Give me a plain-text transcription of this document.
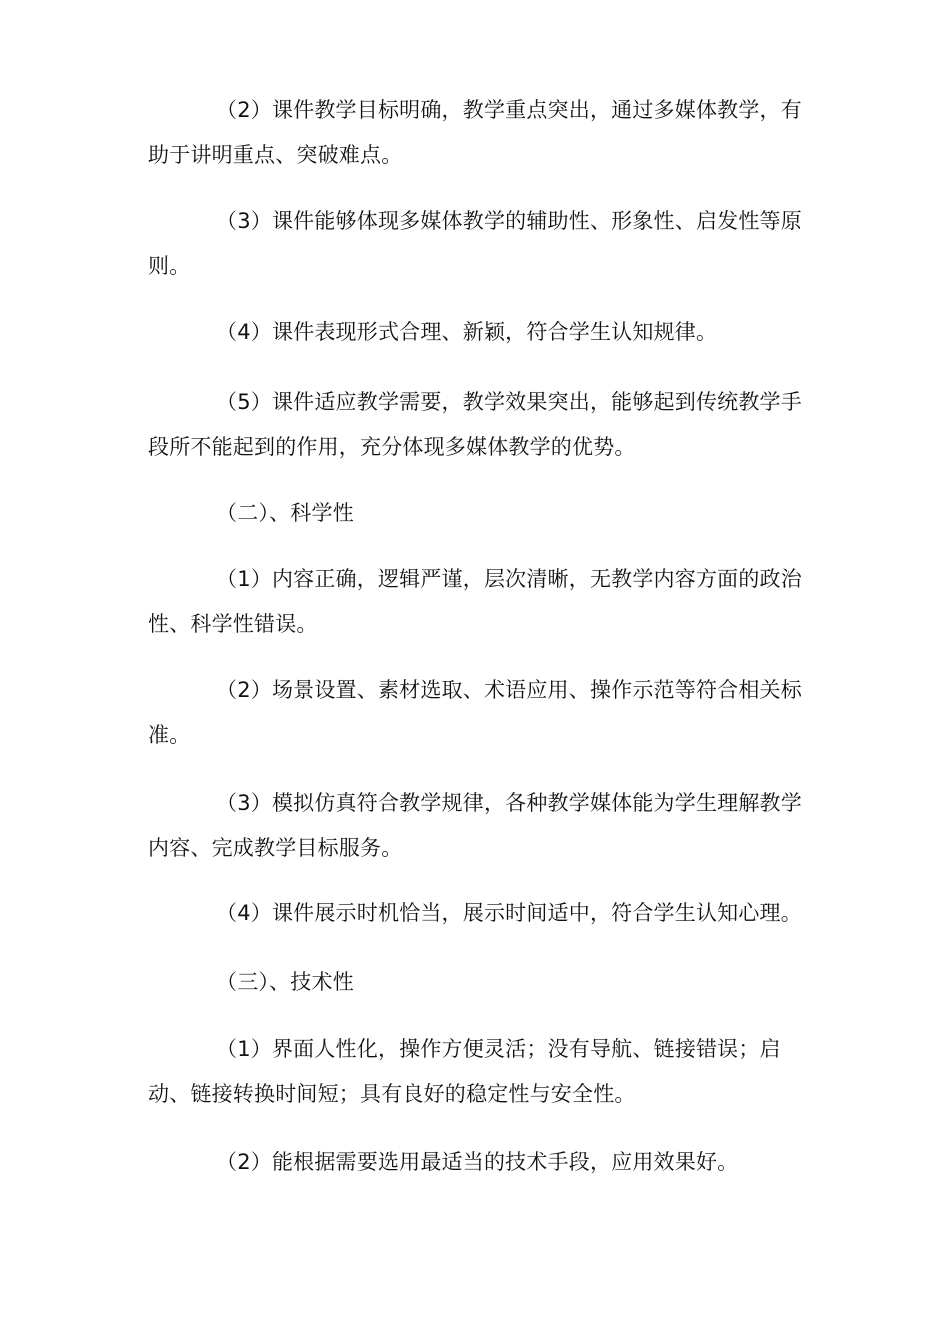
（2）课件教学目标明确，教学重点突出，通过多媒体教学，有助于讲明重点、突破难点。

（3）课件能够体现多媒体教学的辅助性、形象性、启发性等原则。

（4）课件表现形式合理、新颖，符合学生认知规律。

（5）课件适应教学需要，教学效果突出，能够起到传统教学手段所不能起到的作用，充分体现多媒体教学的优势。

（二）、科学性

（1）内容正确，逻辑严谨，层次清晰，无教学内容方面的政治性、科学性错误。

（2）场景设置、素材选取、术语应用、操作示范等符合相关标准。

（3）模拟仿真符合教学规律，各种教学媒体能为学生理解教学内容、完成教学目标服务。

（4）课件展示时机恰当，展示时间适中，符合学生认知心理。

（三）、技术性

（1）界面人性化，操作方便灵活；没有导航、链接错误；启动、链接转换时间短；具有良好的稳定性与安全性。

（2）能根据需要选用最适当的技术手段，应用效果好。
